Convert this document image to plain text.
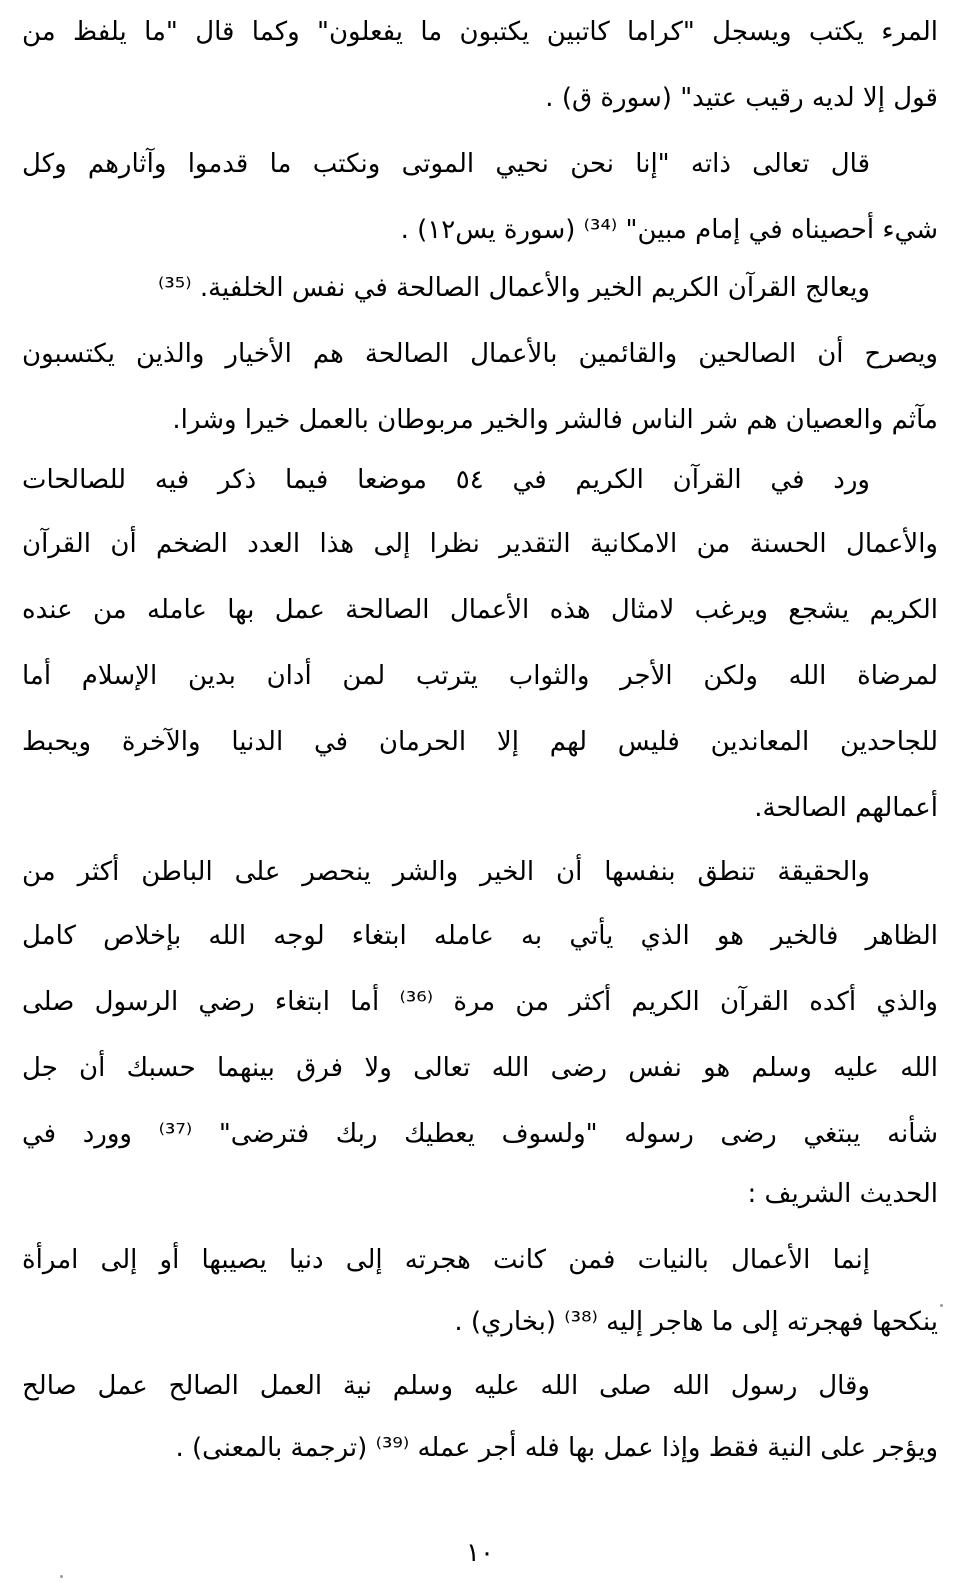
المرء يكتب ويسجل "كراما كاتبين يكتبون ما يفعلون" وكما قال "ما يلفظ من
قول إلا لديه رقيب عتيد" (سورة ق) .
قال تعالى ذاته "إنا نحن نحيي الموتى ونكتب ما قدموا وآثارهم وكل
شيء أحصيناه في إمام مبين" ⁽³⁴⁾ (سورة يس١٢) .
ويعالج القرآن الكريم الخير والأعمال الصالحة في نفس الخلفية. ⁽³⁵⁾
ويصرح أن الصالحين والقائمين بالأعمال الصالحة هم الأخيار والذين يكتسبون
مآثم والعصيان هم شر الناس فالشر والخير مربوطان بالعمل خيرا وشرا.
ورد في القرآن الكريم في ٥٤ موضعا فيما ذكر فيه للصالحات
والأعمال الحسنة من الامكانية التقدير نظرا إلى هذا العدد الضخم أن القرآن
الكريم يشجع ويرغب لامثال هذه الأعمال الصالحة عمل بها عامله من عنده
لمرضاة الله ولكن الأجر والثواب يترتب لمن أدان بدين الإسلام أما
للجاحدين المعاندين فليس لهم إلا الحرمان في الدنيا والآخرة ويحبط
أعمالهم الصالحة.
والحقيقة تنطق بنفسها أن الخير والشر ينحصر على الباطن أكثر من
الظاهر فالخير هو الذي يأتي به عامله ابتغاء لوجه الله بإخلاص كامل
والذي أكده القرآن الكريم أكثر من مرة ⁽³⁶⁾ أما ابتغاء رضي الرسول صلى
الله عليه وسلم هو نفس رضى الله تعالى ولا فرق بينهما حسبك أن جل
شأنه يبتغي رضى رسوله "ولسوف يعطيك ربك فترضى" ⁽³⁷⁾ وورد في
الحديث الشريف :
إنما الأعمال بالنيات فمن كانت هجرته إلى دنيا يصيبها أو إلى امرأة
ينكحها فهجرته إلى ما هاجر إليه ⁽³⁸⁾ (بخاري) .
وقال رسول الله صلى الله عليه وسلم نية العمل الصالح عمل صالح
ويؤجر على النية فقط وإذا عمل بها فله أجر عمله ⁽³⁹⁾ (ترجمة بالمعنى) .
١٠
